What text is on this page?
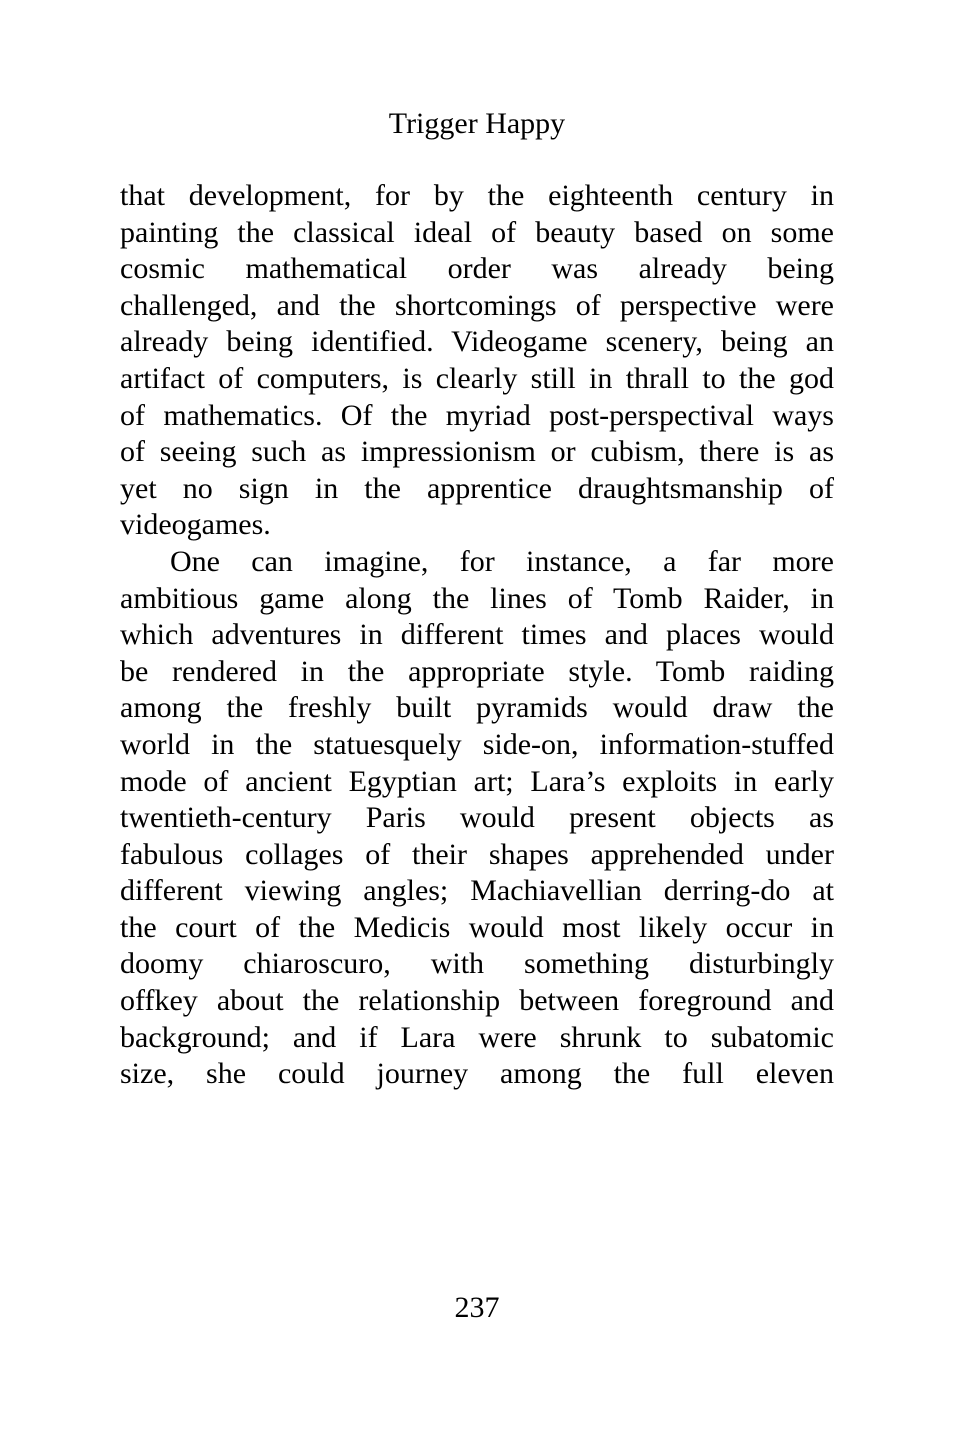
Trigger Happy
that development, for by the eighteenth century in
painting the classical ideal of beauty based on some
cosmic mathematical order was already being
challenged, and the shortcomings of perspective were
already being identified. Videogame scenery, being an
artifact of computers, is clearly still in thrall to the god
of mathematics. Of the myriad post-perspectival ways
of seeing such as impressionism or cubism, there is as
yet no sign in the apprentice draughtsmanship of
videogames.
One can imagine, for instance, a far more
ambitious game along the lines of Tomb Raider, in
which adventures in different times and places would
be rendered in the appropriate style. Tomb raiding
among the freshly built pyramids would draw the
world in the statuesquely side-on, information-stuffed
mode of ancient Egyptian art; Lara’s exploits in early
twentieth-century Paris would present objects as
fabulous collages of their shapes apprehended under
different viewing angles; Machiavellian derring-do at
the court of the Medicis would most likely occur in
doomy chiaroscuro, with something disturbingly
offkey about the relationship between foreground and
background; and if Lara were shrunk to subatomic
size, she could journey among the full eleven
237
